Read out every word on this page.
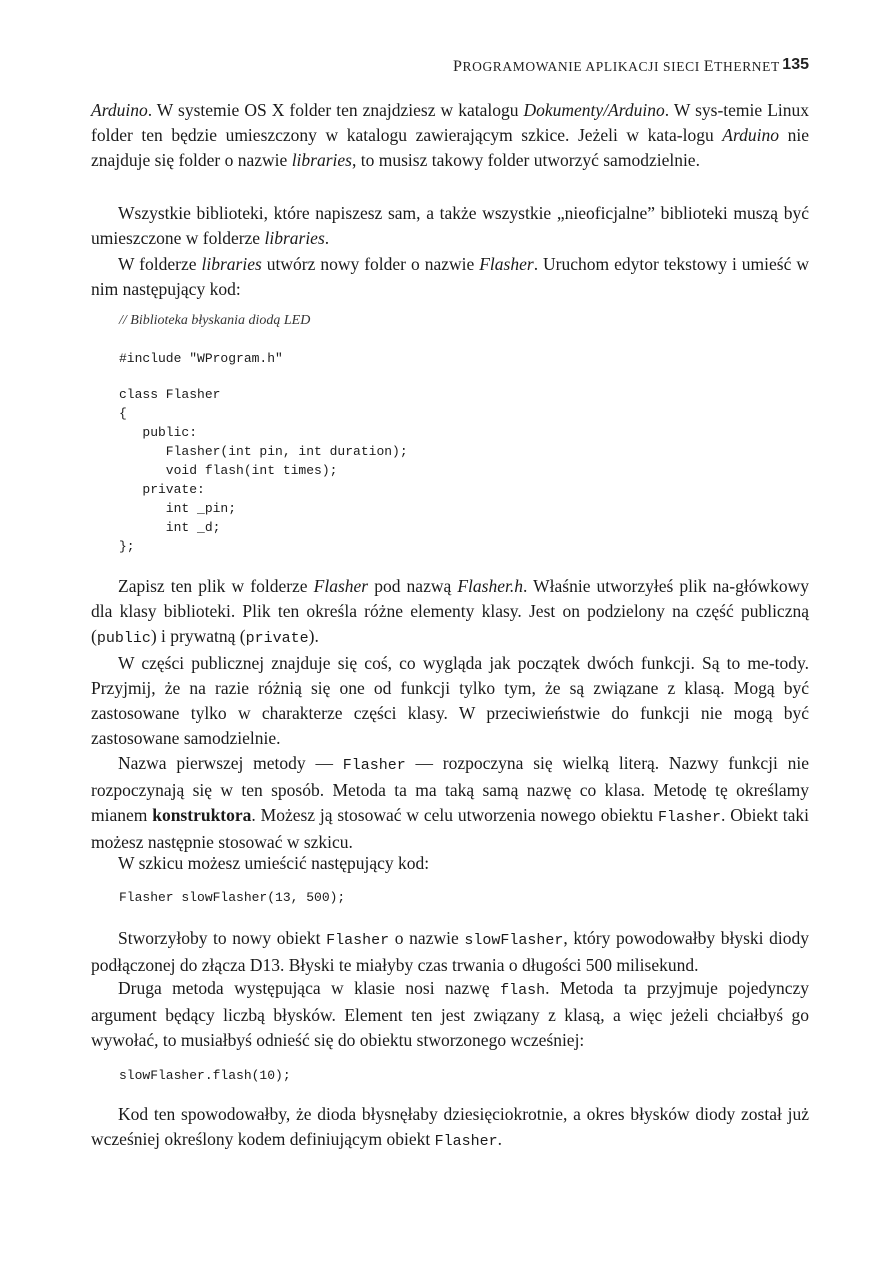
PROGRAMOWANIE APLIKACJI SIECI ETHERNET 135

Arduino. W systemie OS X folder ten znajdziesz w katalogu Dokumenty/Arduino. W sys-temie Linux folder ten będzie umieszczony w katalogu zawierającym szkice. Jeżeli w kata-logu Arduino nie znajduje się folder o nazwie libraries, to musisz takowy folder utworzyć samodzielnie.

Wszystkie biblioteki, które napiszesz sam, a także wszystkie „nieoficjalne” biblioteki muszą być umieszczone w folderze libraries.

W folderze libraries utwórz nowy folder o nazwie Flasher. Uruchom edytor tekstowy i umieść w nim następujący kod:

// Biblioteka błyskania diodą LED
#include "WProgram.h"
class Flasher
{
public:
Flasher(int pin, int duration);
void flash(int times);
private:
int _pin;
int _d;
};

Zapisz ten plik w folderze Flasher pod nazwą Flasher.h. Właśnie utworzyłeś plik na-główkowy dla klasy biblioteki. Plik ten określa różne elementy klasy. Jest on podzielony na część publiczną (public) i prywatną (private).

W części publicznej znajduje się coś, co wygląda jak początek dwóch funkcji. Są to me-tody. Przyjmij, że na razie różnią się one od funkcji tylko tym, że są związane z klasą. Mogą być zastosowane tylko w charakterze części klasy. W przeciwieństwie do funkcji nie mogą być zastosowane samodzielnie.

Nazwa pierwszej metody — Flasher — rozpoczyna się wielką literą. Nazwy funkcji nie rozpoczynają się w ten sposób. Metoda ta ma taką samą nazwę co klasa. Metodę tę określamy mianem konstruktora. Możesz ją stosować w celu utworzenia nowego obiektu Flasher. Obiekt taki możesz następnie stosować w szkicu.

W szkicu możesz umieścić następujący kod:

Flasher slowFlasher(13, 500);

Stworzyłoby to nowy obiekt Flasher o nazwie slowFlasher, który powodowałby błyski diody podłączonej do złącza D13. Błyski te miałyby czas trwania o długości 500 milisekund.

Druga metoda występująca w klasie nosi nazwę flash. Metoda ta przyjmuje pojedynczy argument będący liczbą błysków. Element ten jest związany z klasą, a więc jeżeli chciałbyś go wywołać, to musiałbyś odnieść się do obiektu stworzonego wcześniej:

slowFlasher.flash(10);

Kod ten spowodowałby, że dioda błysnęłaby dziesięciokrotnie, a okres błysków diody został już wcześniej określony kodem definiującym obiekt Flasher.
